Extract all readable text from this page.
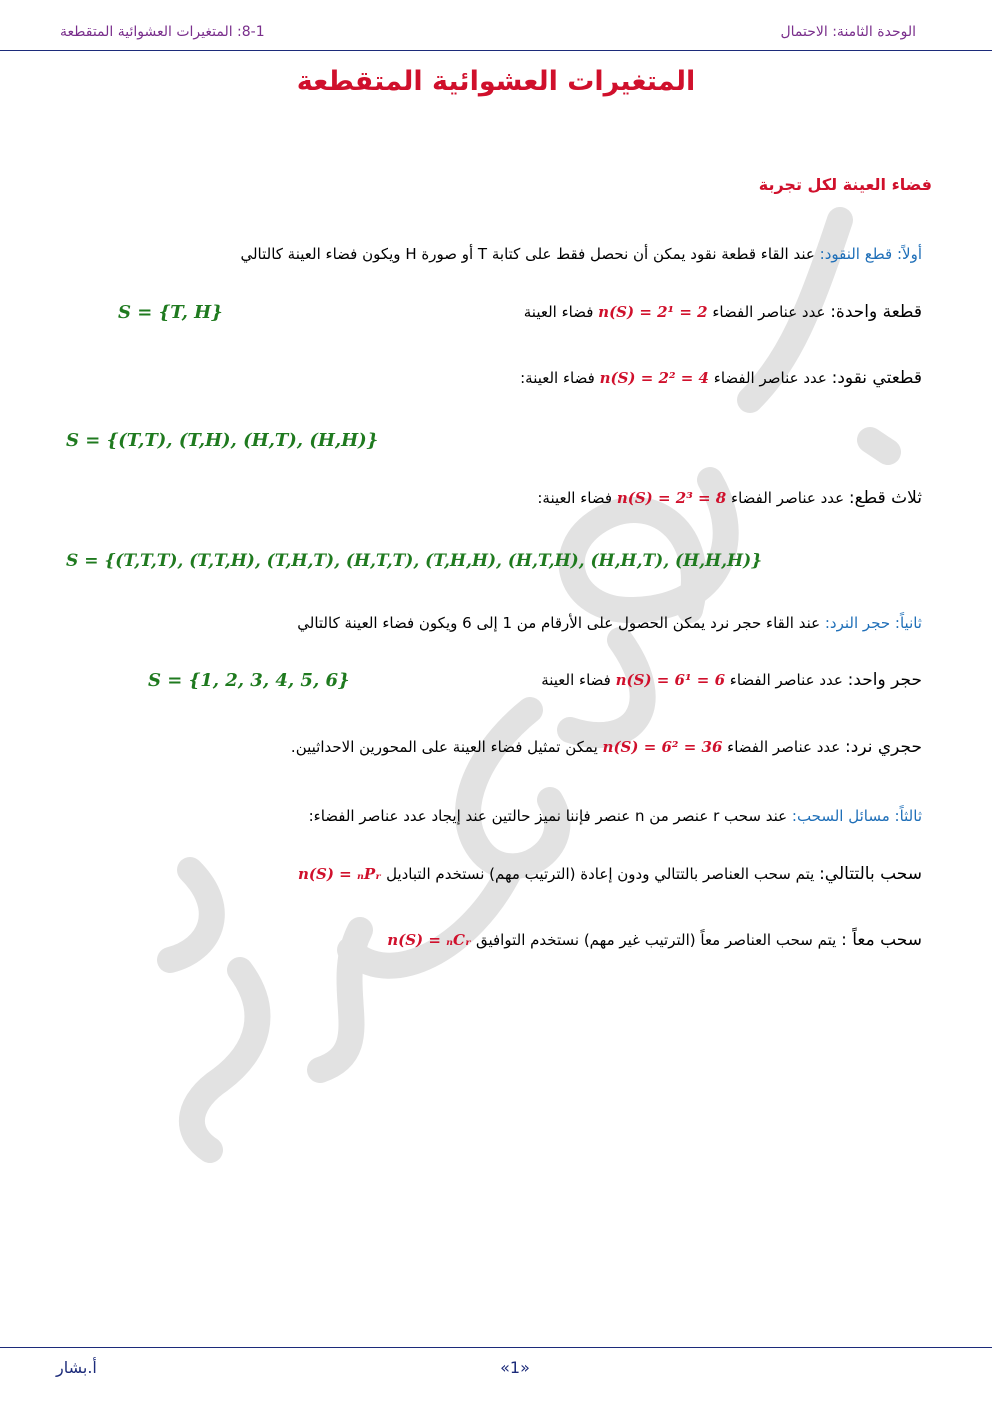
الوحدة الثامنة: الاحتمال
8-1: المتغيرات العشوائية المتقطعة
المتغيرات العشوائية المتقطعة
فضاء العينة لكل تجربة
أولاً: قطع النقود: عند القاء قطعة نقود يمكن أن نحصل فقط على كتابة T أو صورة H ويكون فضاء العينة كالتالي
قطعة واحدة: عدد عناصر الفضاء n(S) = 2¹ = 2 فضاء العينة
S = {T, H}
قطعتي نقود: عدد عناصر الفضاء n(S) = 2² = 4 فضاء العينة:
S = {(T,T), (T,H), (H,T), (H,H)}
ثلاث قطع: عدد عناصر الفضاء n(S) = 2³ = 8 فضاء العينة:
S = {(T,T,T), (T,T,H), (T,H,T), (H,T,T), (T,H,H), (H,T,H), (H,H,T), (H,H,H)}
ثانياً: حجر النرد: عند القاء حجر نرد يمكن الحصول على الأرقام من 1 إلى 6 ويكون فضاء العينة كالتالي
حجر واحد: عدد عناصر الفضاء n(S) = 6¹ = 6 فضاء العينة
S = {1, 2, 3, 4, 5, 6}
حجري نرد: عدد عناصر الفضاء n(S) = 6² = 36 يمكن تمثيل فضاء العينة على المحورين الاحداثيين.
ثالثاً: مسائل السحب: عند سحب r عنصر من n عنصر فإننا نميز حالتين عند إيجاد عدد عناصر الفضاء:
سحب بالتتالي: يتم سحب العناصر بالتتالي ودون إعادة (الترتيب مهم) نستخدم التباديل n(S) = ₙPᵣ
سحب معاً : يتم سحب العناصر معاً (الترتيب غير مهم) نستخدم التوافيق n(S) = ₙCᵣ
أ.بشار	«1»
